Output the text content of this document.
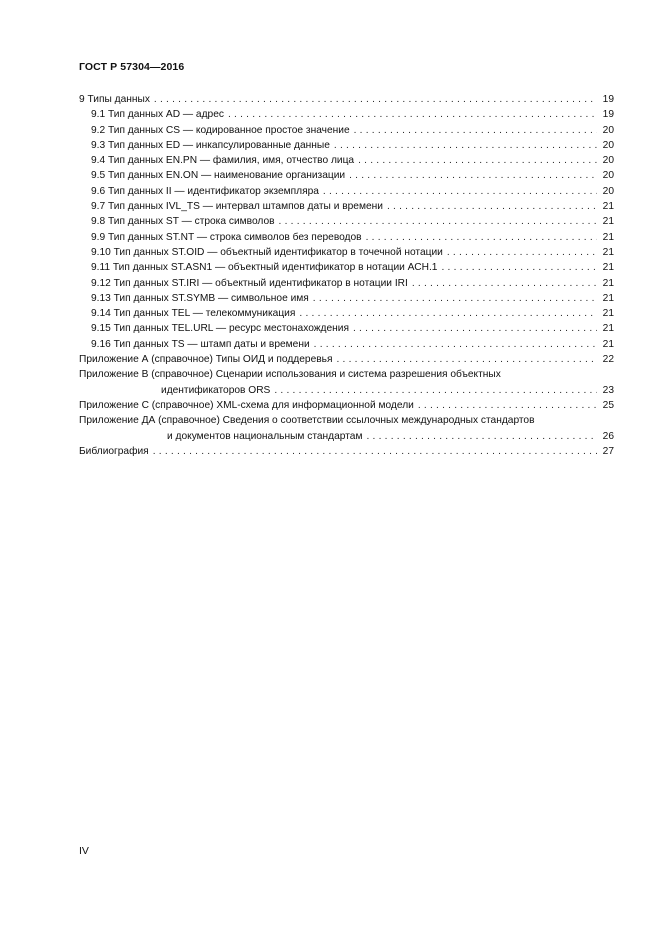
ГОСТ Р 57304—2016
9 Типы данных . . .	19
9.1 Тип данных AD — адрес . . .	19
9.2 Тип данных CS — кодированное простое значение . . .	20
9.3 Тип данных ED — инкапсулированные данные . . .	20
9.4 Тип данных EN.PN — фамилия, имя, отчество лица . . .	20
9.5 Тип данных EN.ON — наименование организации . . .	20
9.6 Тип данных II — идентификатор экземпляра . . .	20
9.7 Тип данных IVL_TS — интервал штампов даты и времени . . .	21
9.8 Тип данных ST — строка символов . . .	21
9.9 Тип данных ST.NT — строка символов без переводов . . .	21
9.10 Тип данных ST.OID — объектный идентификатор в точечной нотации . . .	21
9.11 Тип данных ST.ASN1 — объектный идентификатор в нотации АСН.1 . . .	21
9.12 Тип данных ST.IRI — объектный идентификатор в нотации IRI . . .	21
9.13 Тип данных ST.SYMB — символьное имя . . .	21
9.14 Тип данных TEL — телекоммуникация . . .	21
9.15 Тип данных TEL.URL — ресурс местонахождения . . .	21
9.16 Тип данных TS — штамп даты и времени . . .	21
Приложение А (справочное) Типы ОИД и поддеревья . . .	22
Приложение В (справочное) Сценарии использования и система разрешения объектных
идентификаторов ORS . . .	23
Приложение С (справочное) XML-схема для информационной модели . . .	25
Приложение ДА (справочное) Сведения о соответствии ссылочных международных стандартов
и документов национальным стандартам . . .	26
Библиография . . .	27
IV
